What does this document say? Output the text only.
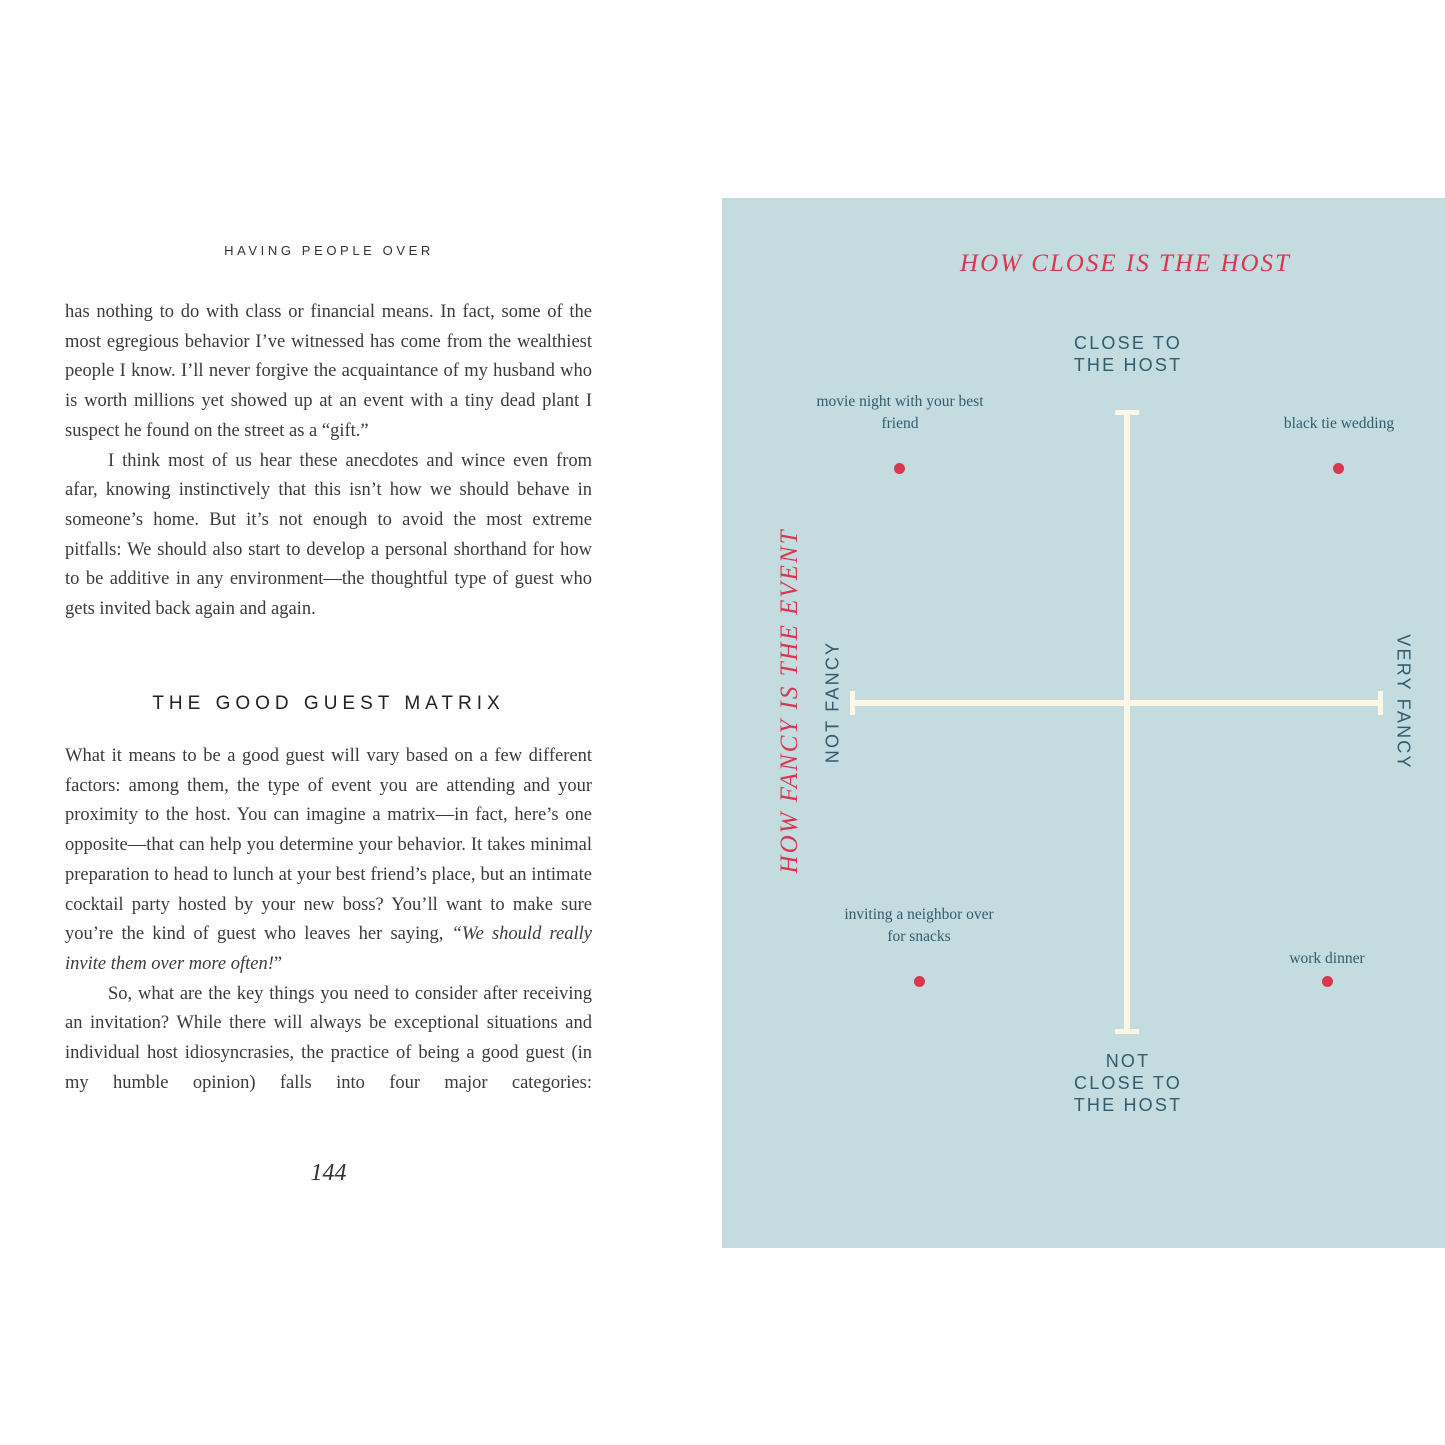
HAVING PEOPLE OVER

has nothing to do with class or financial means. In fact, some of the most egregious behavior I’ve witnessed has come from the wealthiest people I know. I’ll never forgive the acquaintance of my husband who is worth millions yet showed up at an event with a tiny dead plant I suspect he found on the street as a “gift.”

I think most of us hear these anecdotes and wince even from afar, knowing instinctively that this isn’t how we should behave in someone’s home. But it’s not enough to avoid the most extreme pitfalls: We should also start to develop a personal shorthand for how to be additive in any environment—the thoughtful type of guest who gets invited back again and again.

THE GOOD GUEST MATRIX

What it means to be a good guest will vary based on a few different factors: among them, the type of event you are attending and your proximity to the host. You can imagine a matrix—in fact, here’s one opposite—that can help you determine your behavior. It takes minimal preparation to head to lunch at your best friend’s place, but an intimate cocktail party hosted by your new boss? You’ll want to make sure you’re the kind of guest who leaves her saying, “We should really invite them over more often!”

So, what are the key things you need to consider after receiving an invitation? While there will always be exceptional situations and individual host idiosyncrasies, the practice of being a good guest (in my humble opinion) falls into four major categories:

144
HOW CLOSE IS THE HOST
HOW FANCY IS THE EVENT
CLOSE TO THE HOST
NOT CLOSE TO THE HOST
NOT FANCY	VERY FANCY
movie night with your best friend	black tie wedding
inviting a neighbor over for snacks
work dinner
